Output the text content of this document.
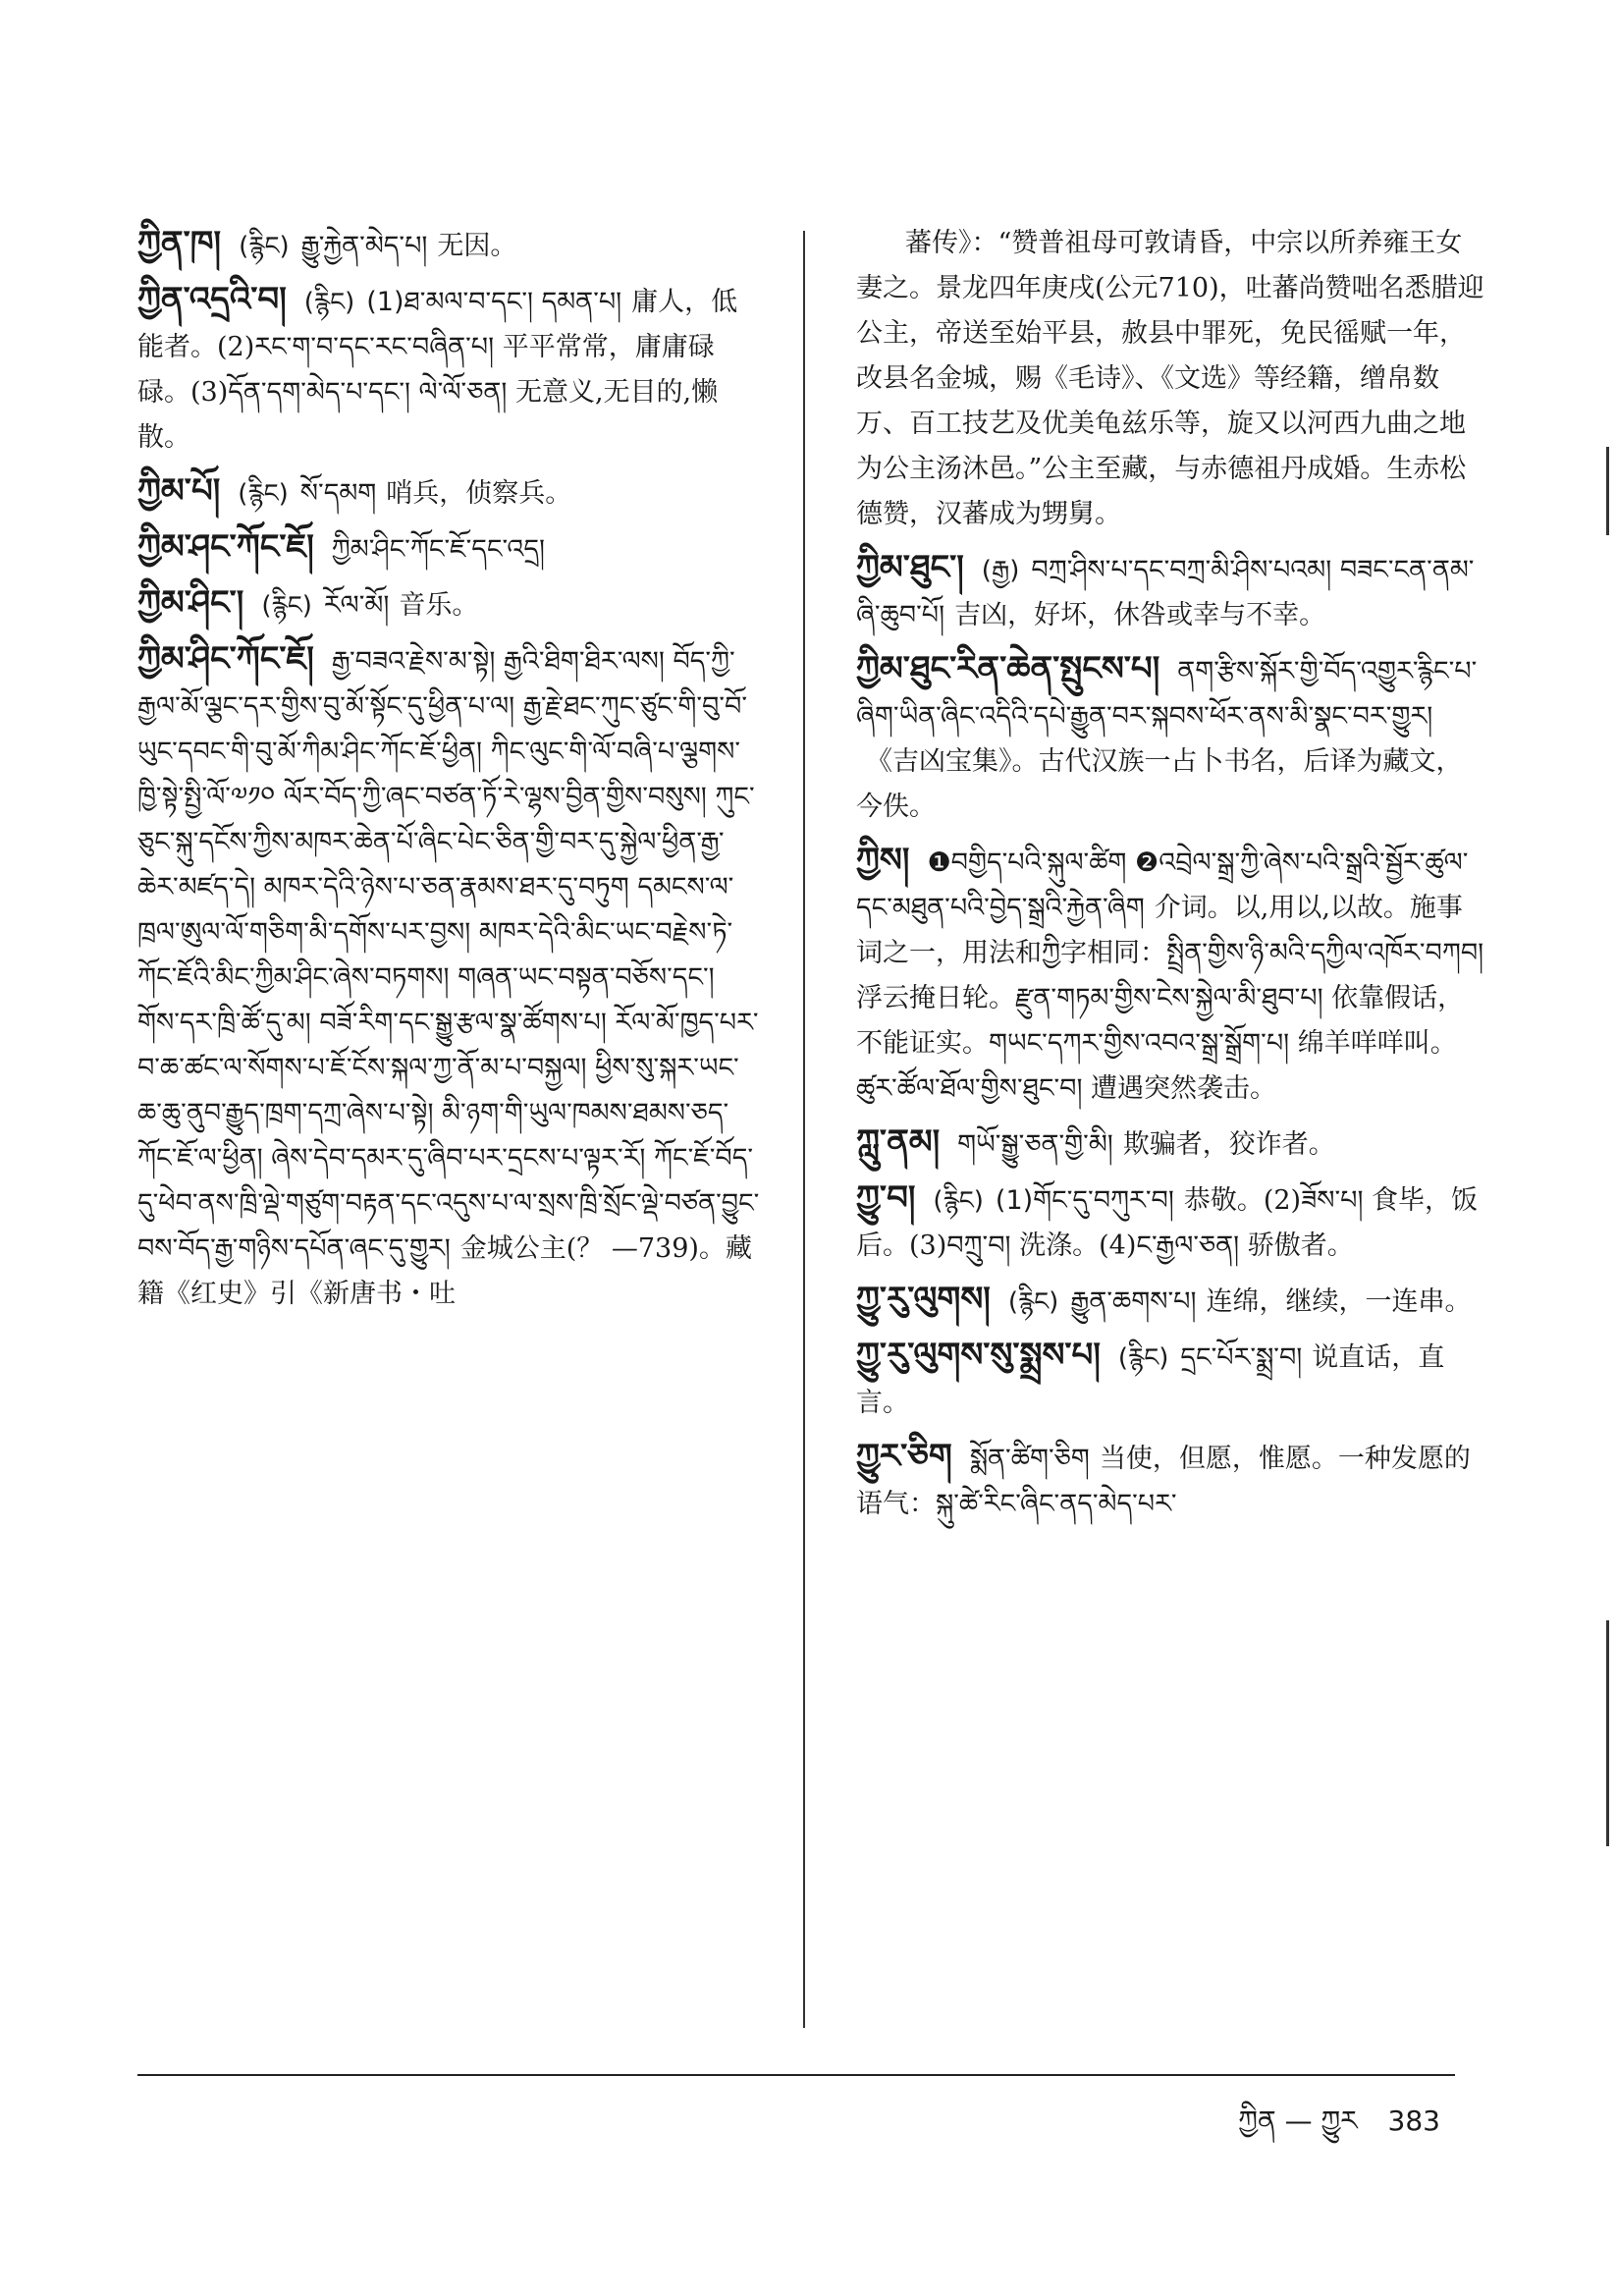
ཀྱིན་ཁ། (རྙིང) རྒྱུ་རྐྱེན་མེད་པ། 无因。
ཀྱིན་འདྲའི་བ། (རྙིང) (1)ཐ་མལ་བ་དང་། དམན་པ། 庸人，低能者。(2)རང་ག་བ་དང་རང་བཞིན་པ། 平平常常，庸庸碌碌。(3)དོན་དག་མེད་པ་དང་། ལེ་ལོ་ཅན། 无意义,无目的,懒散。
ཀྱིམ་པོ། (རྙིང) སོ་དམག 哨兵，侦察兵。
ཀྱིམ་ཤང་ཀོང་ཇོ། ཀྱིམ་ཤིང་ཀོང་ཇོ་དང་འདྲ།
ཀྱིམ་ཤིང་། (རྙིང) རོལ་མོ། 音乐。
ཀྱིམ་ཤིང་ཀོང་ཇོ། རྒྱ་བཟའ་རྗེས་མ་སྟེ། རྒྱའི་ཐིག་ཐིར་ལས། བོད་ཀྱི་རྒྱལ་མོ་ལྕང་དར་གྱིས་བུ་མོ་སྟོང་དུ་ཕྱིན་པ་ལ། རྒྱ་རྗེ་ཐང་ཀུང་ཙུང་གི་བུ་བོ་ཡུང་དབང་གི་བུ་མོ་ཀིམ་ཤིང་ཀོང་ཇོ་ཕྱིན། ཀིང་ལུང་གི་ལོ་བཞི་པ་ལྕགས་ཁྱི་སྟེ་སྤྱི་ལོ་༧༡༠ ལོར་བོད་ཀྱི་ཞང་བཙན་ཏོ་རེ་ལྷས་བྱིན་གྱིས་བསུས། ཀུང་ཅུང་སྐུ་དངོས་ཀྱིས་མཁར་ཆེན་པོ་ཞིང་པེང་ཅིན་གྱི་བར་དུ་སྐྱེལ་ཕྱིན་རྒྱ་ཆེར་མཛད་དེ། མཁར་དེའི་ཉེས་པ་ཅན་རྣམས་ཐར་དུ་བཏུག དམངས་ལ་ཁྲལ་ཨུལ་ལོ་གཅིག་མི་དགོས་པར་བྱས། མཁར་དེའི་མིང་ཡང་བརྗེས་ཏེ་ཀོང་ཇོའི་མིང་ཀྱིམ་ཤིང་ཞེས་བཏགས། གཞན་ཡང་བསྟན་བཅོས་དང་། གོས་དར་ཁྲི་ཚོ་དུ་མ། བཟོ་རིག་དང་སྒྱུ་རྩལ་སྣ་ཚོགས་པ། རོལ་མོ་ཁྱད་པར་བ་ཆ་ཚང་ལ་སོགས་པ་ཇོ་ངོས་སྐལ་ཀྱ་ནོ་མ་པ་བསྐྱལ། ཕྱིས་སུ་སྐར་ཡང་ཆ་ཆུ་ནུབ་རྒྱུད་ཁྲག་དཀྲ་ཞེས་པ་སྟེ། མི་ཉག་གི་ཡུལ་ཁམས་ཐམས་ཅད་ཀོང་ཇོ་ལ་ཕྱིན། ཞེས་དེབ་དམར་དུ་ཞིབ་པར་དྲངས་པ་ལྟར་རོ། ཀོང་ཇོ་བོད་དུ་ཕེབ་ནས་ཁྲི་ལྡེ་གཙུག་བརྟན་དང་འདུས་པ་ལ་སྲས་ཁྲི་སྲོང་ལྡེ་བཙན་བྱུང་བས་བོད་རྒྱ་གཉིས་དཔོན་ཞང་དུ་གྱུར། 金城公主(？ —739)。藏籍《红史》引《新唐书・吐
蕃传》：“赞普祖母可敦请昏，中宗以所养雍王女妻之。景龙四年庚戌(公元710)，吐蕃尚赞咄名悉腊迎公主，帝送至始平县，赦县中罪死，免民徭赋一年，改县名金城，赐《毛诗》、《文选》等经籍，缯帛数万、百工技艺及优美龟兹乐等，旋又以河西九曲之地为公主汤沐邑。”公主至藏，与赤德祖丹成婚。生赤松德赞，汉蕃成为甥舅。
ཀྱིམ་ཐུང་། (རྒྱ) བཀྲ་ཤིས་པ་དང་བཀྲ་མི་ཤིས་པའམ། བཟང་ངན་ནམ་ཞི་ཆུབ་པོ། 吉凶，好坏，休咎或幸与不幸。
ཀྱིམ་ཐུང་རིན་ཆེན་སྤུངས་པ། ནག་རྩིས་སྐོར་གྱི་བོད་འགྱུར་རྙིང་པ་ཞིག་ཡིན་ཞིང་འདིའི་དཔེ་རྒྱུན་བར་སྐབས་ཕོར་ནས་མི་སྣང་བར་གྱུར།《吉凶宝集》。古代汉族一占卜书名，后译为藏文，今佚。
ཀྱིས། ❶བགྱིད་པའི་སྐུལ་ཚིག ❷འབྲེལ་སྒྲ་ཀྱི་ཞེས་པའི་སྒྲའི་སྦྱོར་ཚུལ་དང་མཐུན་པའི་བྱེད་སྒྲའི་རྐྱེན་ཞིག 介词。以,用以,以故。施事词之一，用法和ཀྱི字相同：སྤྲིན་གྱིས་ཉི་མའི་དཀྱིལ་འཁོར་བཀབ། 浮云掩日轮。རྫུན་གཏམ་གྱིས་ངེས་སྐྱེལ་མི་ཐུབ་པ། 依靠假话，不能证实。གཡང་དཀར་གྱིས་འབའ་སྒྲ་སྒྲོག་པ། 绵羊咩咩叫。ཚུར་ཚོལ་ཐོལ་གྱིས་ཐུང་བ། 遭遇突然袭击。
ཀླུ་ནམ། གཡོ་སྒྱུ་ཅན་གྱི་མི། 欺骗者，狡诈者。
ཀྱུ་བ། (རྙིང) (1)གོང་དུ་བཀུར་བ། 恭敬。(2)ཟོས་པ། 食毕，饭后。(3)བཀྲུ་བ། 洗涤。(4)ང་རྒྱལ་ཅན། 骄傲者。
ཀྱུ་རུ་ལུགས། (རྙིང) རྒྱུན་ཆགས་པ། 连绵，继续，一连串。
ཀྱུ་རུ་ལུགས་སུ་སྨྲས་པ། (རྙིང) དྲང་པོར་སྨྲ་བ། 说直话，直言。
ཀྱུར་ཅིག སྨོན་ཚིག་ཅིག 当使，但愿，惟愿。一种发愿的语气：སྐུ་ཚེ་རིང་ཞིང་ནད་མེད་པར་
ཀྱིན — ཀྱུར 383
